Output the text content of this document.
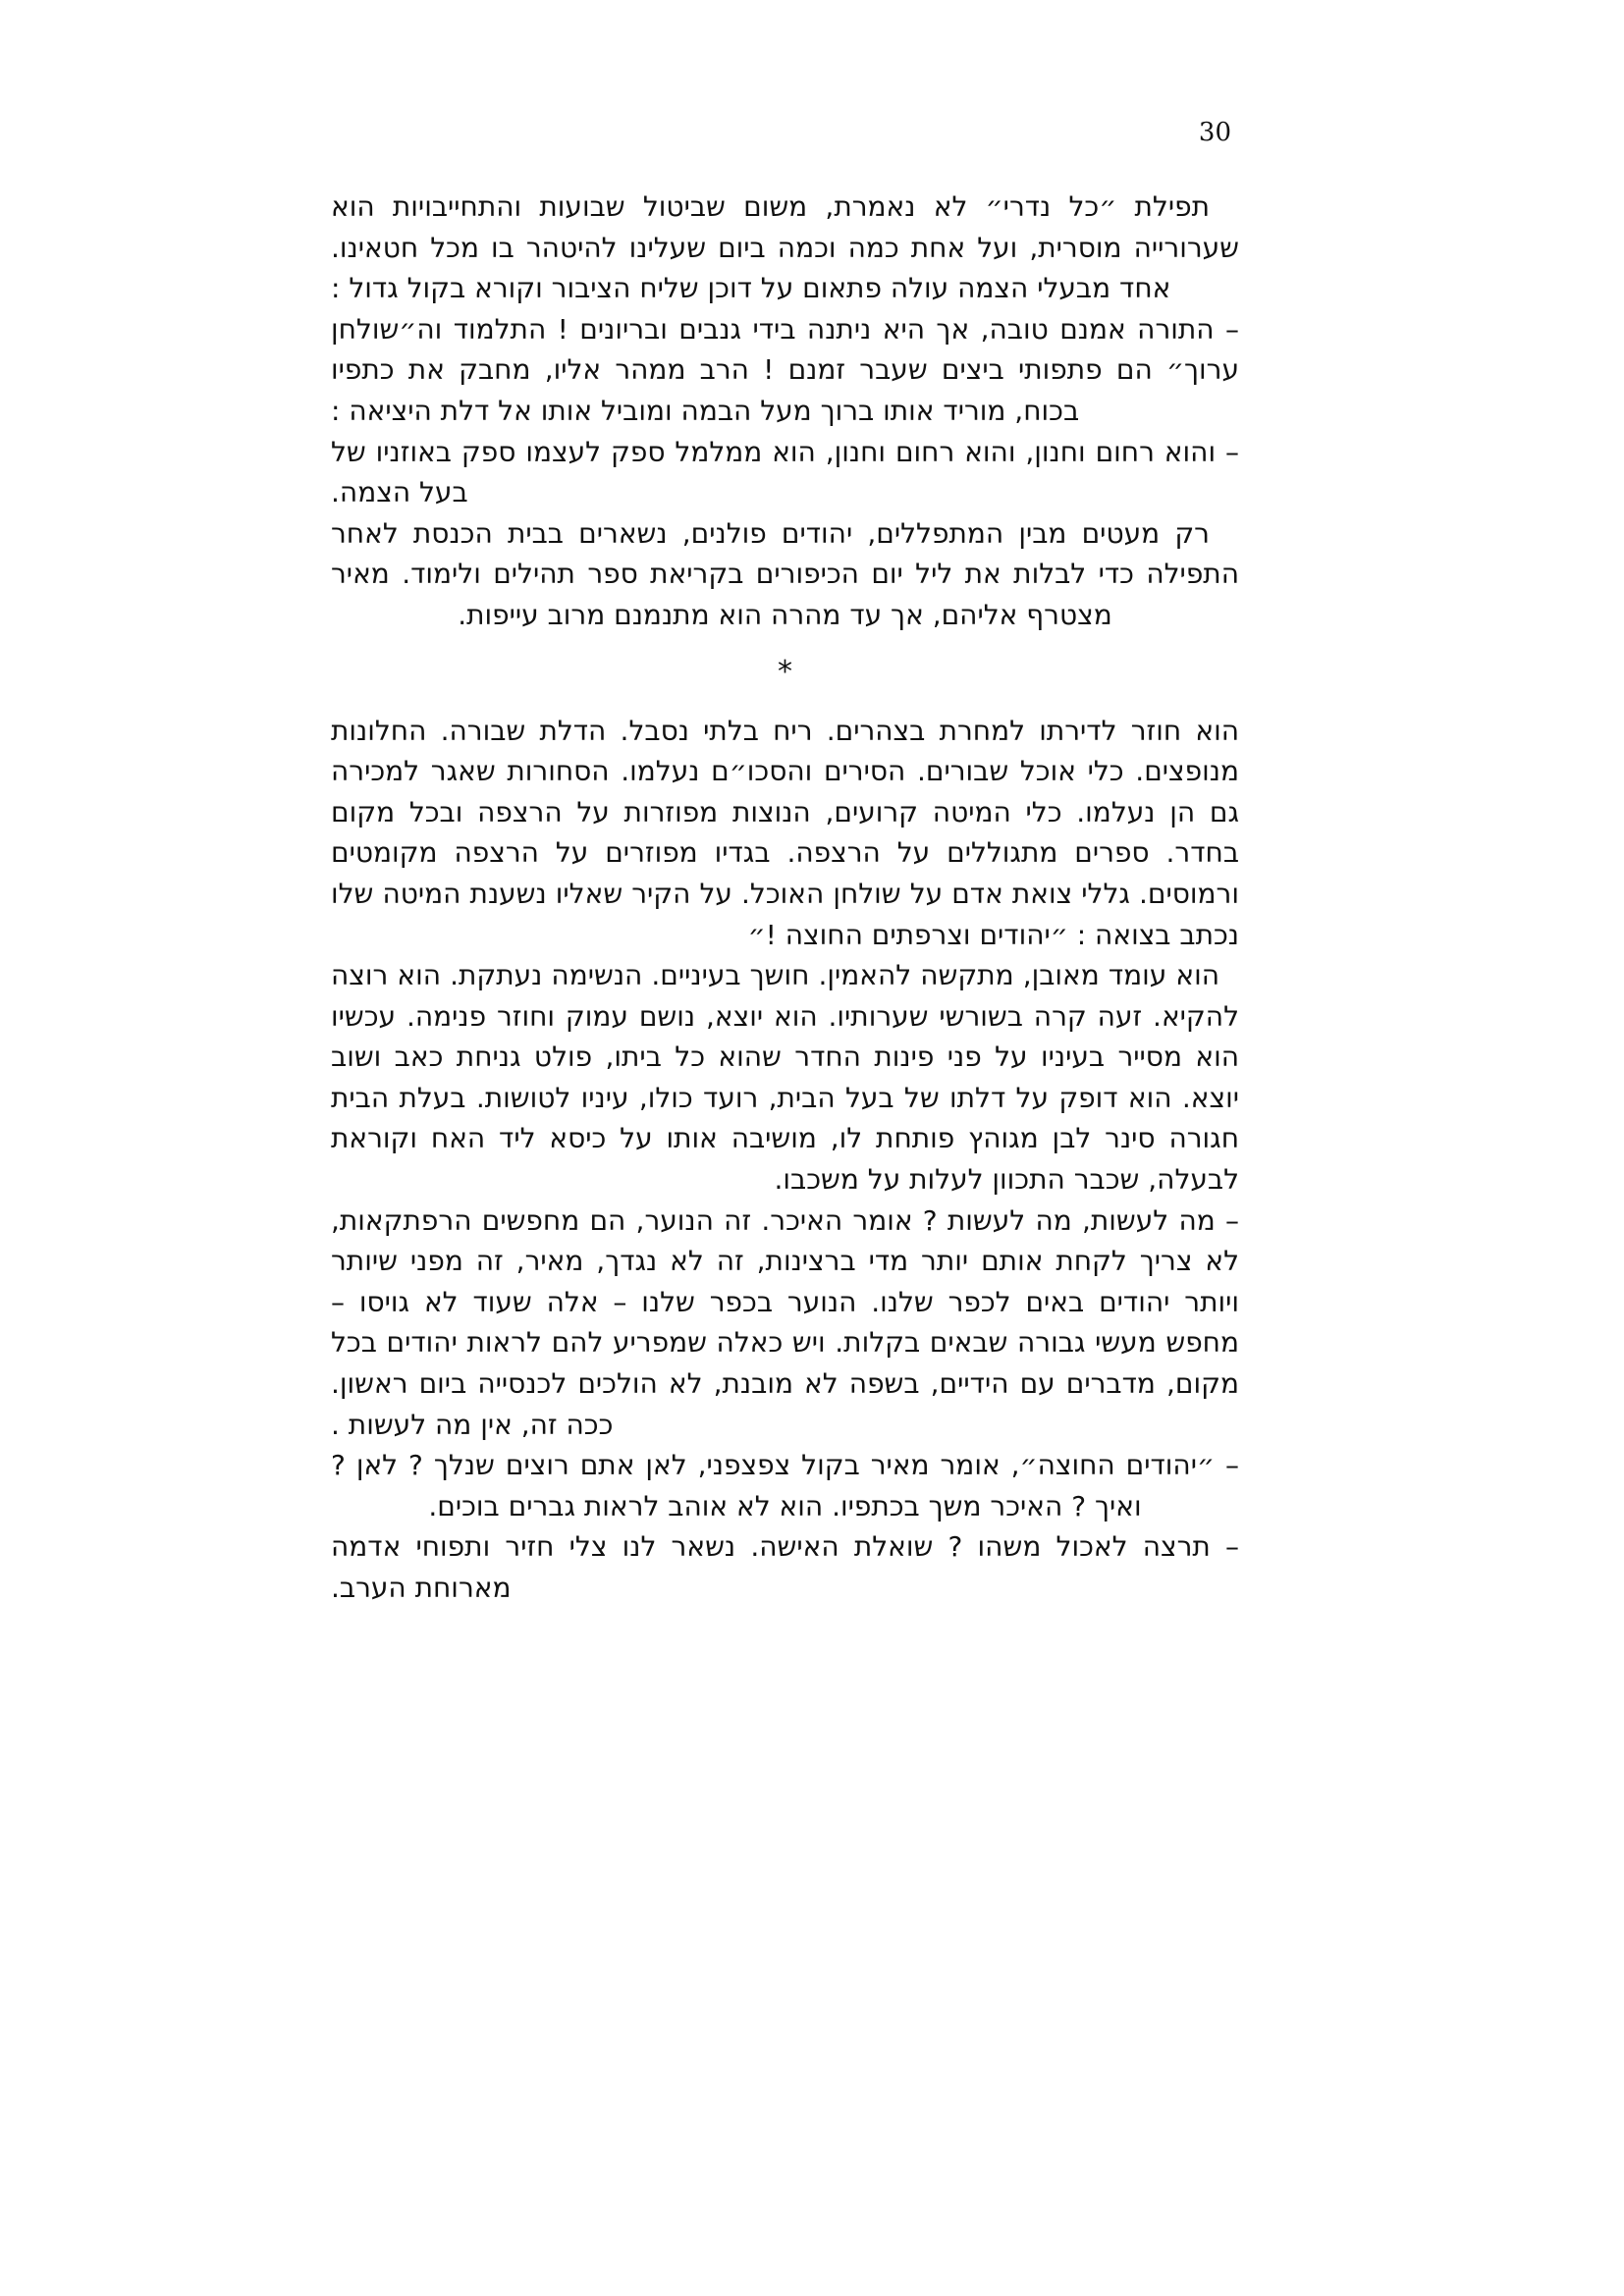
30

תפילת ״כל נדרי״ לא נאמרת, משום שביטול שבועות והתחייבויות הוא שערורייה מוסרית, ועל אחת כמה וכמה ביום שעלינו להיטהר בו מכל חטאינו. אחד מבעלי הצמה עולה פתאום על דוכן שליח הציבור וקורא בקול גדול :

– התורה אמנם טובה, אך היא ניתנה בידי גנבים ובריונים ! התלמוד וה״שולחן ערוך״ הם פתפותי ביצים שעבר זמנם ! הרב ממהר אליו, מחבק את כתפיו בכוח, מוריד אותו ברוך מעל הבמה ומוביל אותו אל דלת היציאה :

– והוא רחום וחנון, והוא רחום וחנון, הוא ממלמל ספק לעצמו ספק באוזניו של בעל הצמה.

רק מעטים מבין המתפללים, יהודים פולנים, נשארים בבית הכנסת לאחר התפילה כדי לבלות את ליל יום הכיפורים בקריאת ספר תהילים ולימוד. מאיר מצטרף אליהם, אך עד מהרה הוא מתנמנם מרוב עייפות.

*

הוא חוזר לדירתו למחרת בצהרים. ריח בלתי נסבל. הדלת שבורה. החלונות מנופצים. כלי אוכל שבורים. הסירים והסכו״ם נעלמו. הסחורות שאגר למכירה גם הן נעלמו. כלי המיטה קרועים, הנוצות מפוזרות על הרצפה ובכל מקום בחדר. ספרים מתגוללים על הרצפה. בגדיו מפוזרים על הרצפה מקומטים ורמוסים. גללי צואת אדם על שולחן האוכל. על הקיר שאליו נשענת המיטה שלו נכתב בצואה : ״יהודים וצרפתים החוצה !״

הוא עומד מאובן, מתקשה להאמין. חושך בעיניים. הנשימה נעתקת. הוא רוצה להקיא. זעה קרה בשורשי שערותיו. הוא יוצא, נושם עמוק וחוזר פנימה. עכשיו הוא מסייר בעיניו על פני פינות החדר שהוא כל ביתו, פולט גניחת כאב ושוב יוצא. הוא דופק על דלתו של בעל הבית, רועד כולו, עיניו לטושות. בעלת הבית חגורה סינר לבן מגוהץ פותחת לו, מושיבה אותו על כיסא ליד האח וקוראת לבעלה, שכבר התכוון לעלות על משכבו.

– מה לעשות, מה לעשות ? אומר האיכר. זה הנוער, הם מחפשים הרפתקאות, לא צריך לקחת אותם יותר מדי ברצינות, זה לא נגדך, מאיר, זה מפני שיותר ויותר יהודים באים לכפר שלנו. הנוער בכפר שלנו – אלה שעוד לא גויסו – מחפש מעשי גבורה שבאים בקלות. ויש כאלה שמפריע להם לראות יהודים בכל מקום, מדברים עם הידיים, בשפה לא מובנת, לא הולכים לכנסייה ביום ראשון. ככה זה, אין מה לעשות .

– ״יהודים החוצה״, אומר מאיר בקול צפצפני, לאן אתם רוצים שנלך ? לאן ? ואיך ? האיכר משך בכתפיו. הוא לא אוהב לראות גברים בוכים.

– תרצה לאכול משהו ? שואלת האישה. נשאר לנו צלי חזיר ותפוחי אדמה מארוחת הערב.
